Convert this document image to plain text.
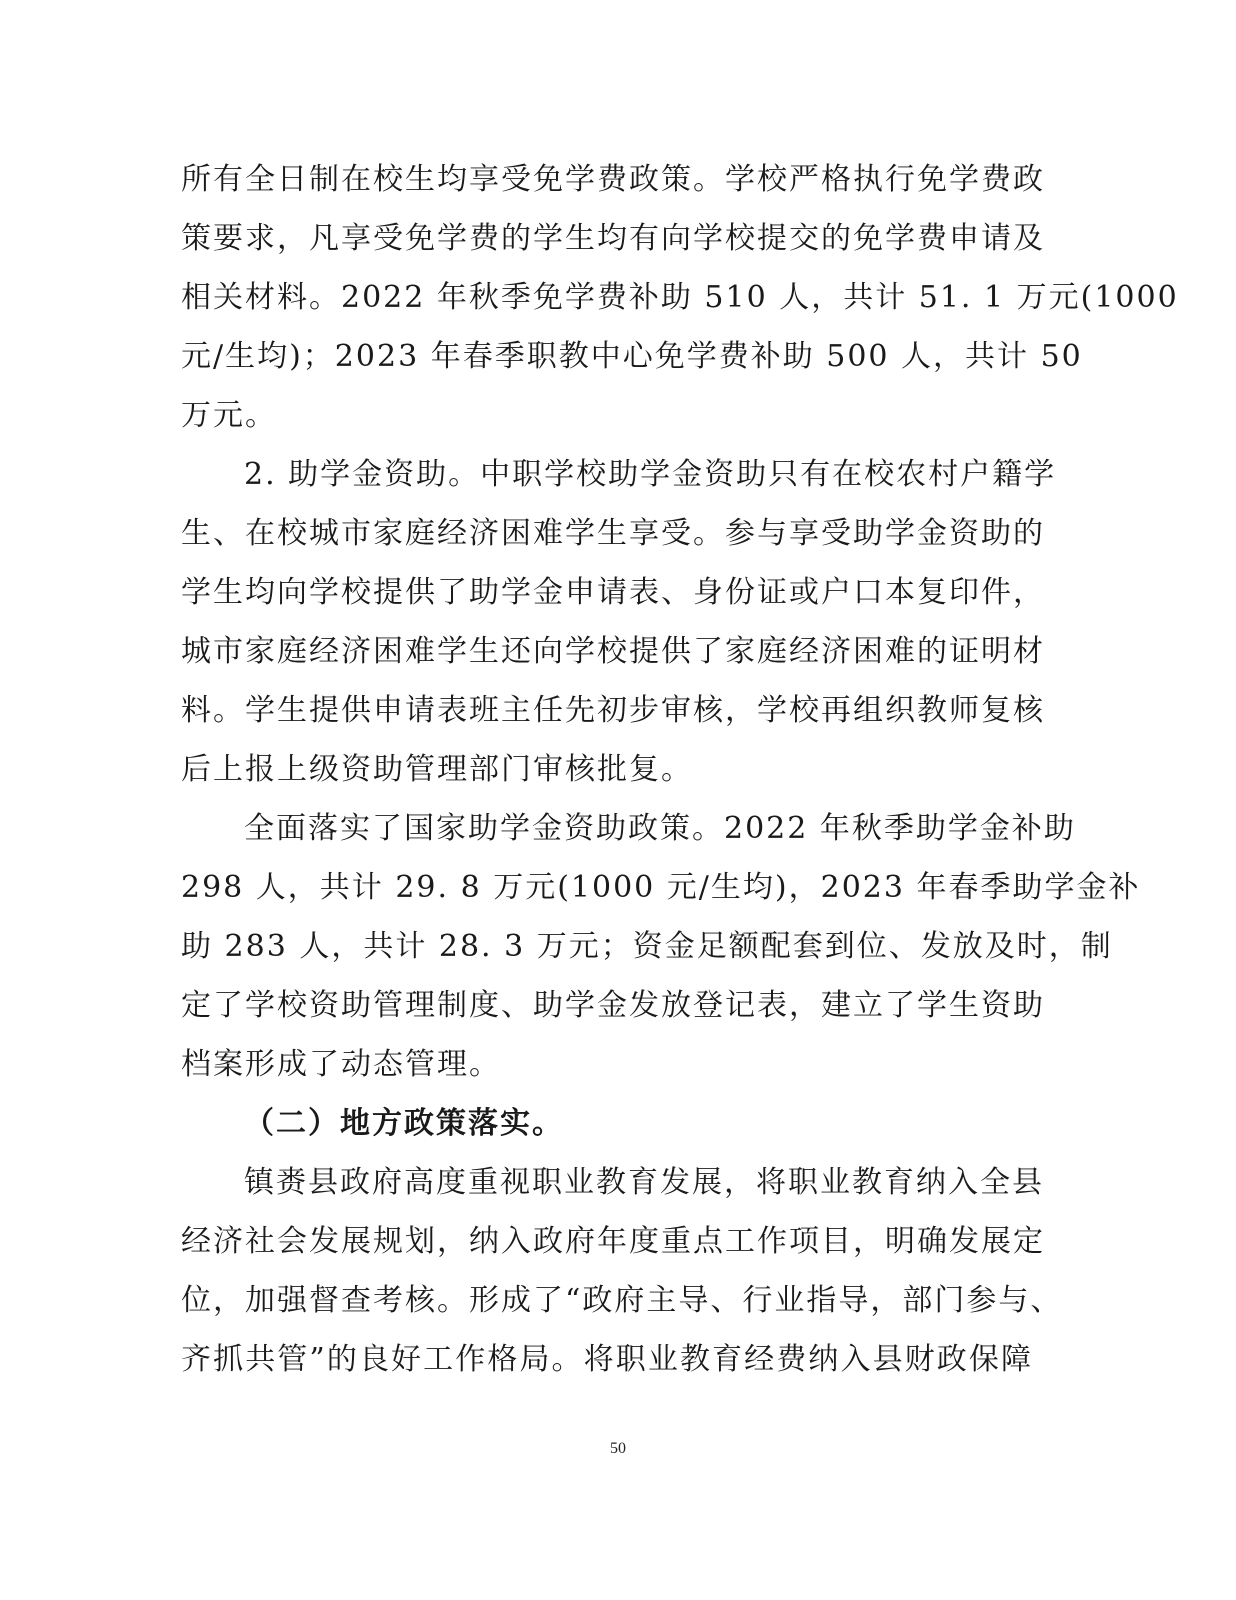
所有全日制在校生均享受免学费政策。学校严格执行免学费政
策要求，凡享受免学费的学生均有向学校提交的免学费申请及
相关材料。2022 年秋季免学费补助 510 人，共计 51. 1 万元(1000
元/生均)；2023 年春季职教中心免学费补助 500 人，共计 50
万元。
2. 助学金资助。中职学校助学金资助只有在校农村户籍学
生、在校城市家庭经济困难学生享受。参与享受助学金资助的
学生均向学校提供了助学金申请表、身份证或户口本复印件，
城市家庭经济困难学生还向学校提供了家庭经济困难的证明材
料。学生提供申请表班主任先初步审核，学校再组织教师复核
后上报上级资助管理部门审核批复。
全面落实了国家助学金资助政策。2022 年秋季助学金补助
298 人，共计 29. 8 万元(1000 元/生均)，2023 年春季助学金补
助 283 人，共计 28. 3 万元；资金足额配套到位、发放及时，制
定了学校资助管理制度、助学金发放登记表，建立了学生资助
档案形成了动态管理。
（二）地方政策落实。
镇赉县政府高度重视职业教育发展，将职业教育纳入全县
经济社会发展规划，纳入政府年度重点工作项目，明确发展定
位，加强督查考核。形成了“政府主导、行业指导，部门参与、
齐抓共管”的良好工作格局。将职业教育经费纳入县财政保障
50
